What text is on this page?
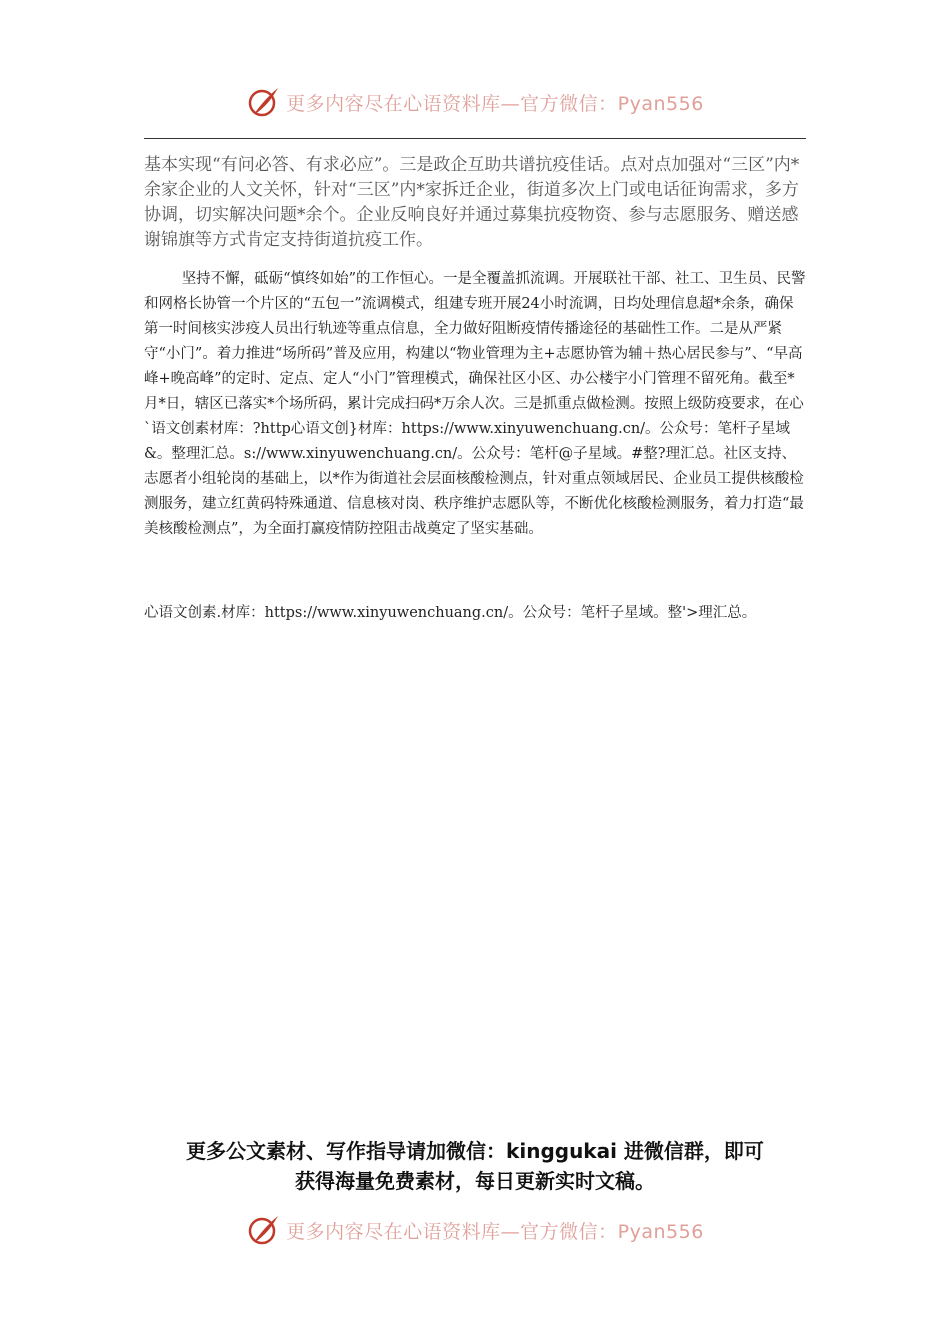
更多内容尽在心语资料库—官方微信：Pyan556

基本实现“有问必答、有求必应”。三是政企互助共谱抗疫佳话。点对点加强对“三区”内*余家企业的人文关怀，针对“三区”内*家拆迁企业，街道多次上门或电话征询需求，多方协调，切实解决问题*余个。企业反响良好并通过募集抗疫物资、参与志愿服务、赠送感谢锦旗等方式肯定支持街道抗疫工作。

坚持不懈，砥砺“慎终如始”的工作恒心。一是全覆盖抓流调。开展联社干部、社工、卫生员、民警和网格长协管一个片区的“五包一”流调模式，组建专班开展24小时流调，日均处理信息超*余条，确保第一时间核实涉疫人员出行轨迹等重点信息，全力做好阻断疫情传播途径的基础性工作。二是从严紧守“小门”。着力推进“场所码”普及应用，构建以“物业管理为主+志愿协管为辅＋热心居民参与”、“早高峰+晚高峰”的定时、定点、定人“小门”管理模式，确保社区小区、办公楼宇小门管理不留死角。截至*月*日，辖区已落实*个场所码，累计完成扫码*万余人次。三是抓重点做检测。按照上级防疫要求，在心`语文创素材库：?http心语文创}材库：https://www.xinyuwenchuang.cn/。公众号：笔杆子星域&。整理汇总。s://www.xinyuwenchuang.cn/。公众号：笔杆@子星域。#整?理汇总。社区支持、志愿者小组轮岗的基础上，以*作为街道社会层面核酸检测点，针对重点领域居民、企业员工提供核酸检测服务，建立红黄码特殊通道、信息核对岗、秩序维护志愿队等，不断优化核酸检测服务，着力打造“最美核酸检测点”，为全面打赢疫情防控阻击战奠定了坚实基础。

心语文创素.材库：https://www.xinyuwenchuang.cn/。公众号：笔杆子星域。整'>理汇总。

更多公文素材、写作指导请加微信：kinggukai 进微信群，即可
获得海量免费素材，每日更新实时文稿。
更多内容尽在心语资料库—官方微信：Pyan556
